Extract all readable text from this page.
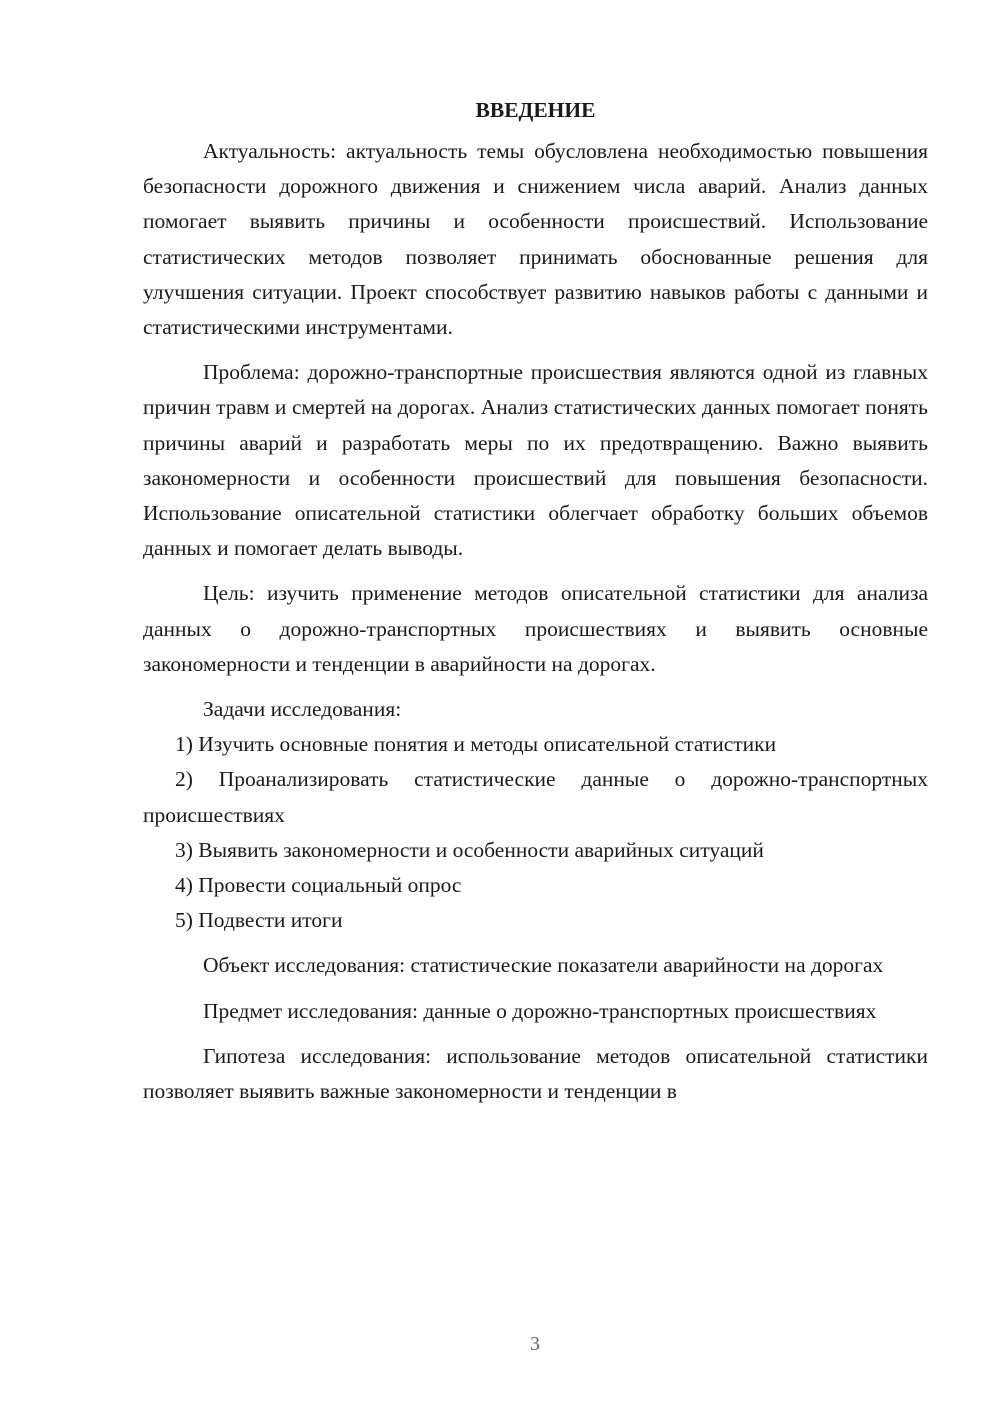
ВВЕДЕНИЕ

Актуальность: актуальность темы обусловлена необходимостью повышения безопасности дорожного движения и снижением числа аварий. Анализ данных помогает выявить причины и особенности происшествий. Использование статистических методов позволяет принимать обоснованные решения для улучшения ситуации. Проект способствует развитию навыков работы с данными и статистическими инструментами.

Проблема: дорожно-транспортные происшествия являются одной из главных причин травм и смертей на дорогах. Анализ статистических данных помогает понять причины аварий и разработать меры по их предотвращению. Важно выявить закономерности и особенности происшествий для повышения безопасности. Использование описательной статистики облегчает обработку больших объемов данных и помогает делать выводы.

Цель: изучить применение методов описательной статистики для анализа данных о дорожно-транспортных происшествиях и выявить основные закономерности и тенденции в аварийности на дорогах.

Задачи исследования:

1) Изучить основные понятия и методы описательной статистики

2) Проанализировать статистические данные о дорожно-транспортных происшествиях

3) Выявить закономерности и особенности аварийных ситуаций

4) Провести социальный опрос

5) Подвести итоги

Объект исследования: статистические показатели аварийности на дорогах

Предмет исследования: данные о дорожно-транспортных происшествиях

Гипотеза исследования: использование методов описательной статистики позволяет выявить важные закономерности и тенденции в

3
